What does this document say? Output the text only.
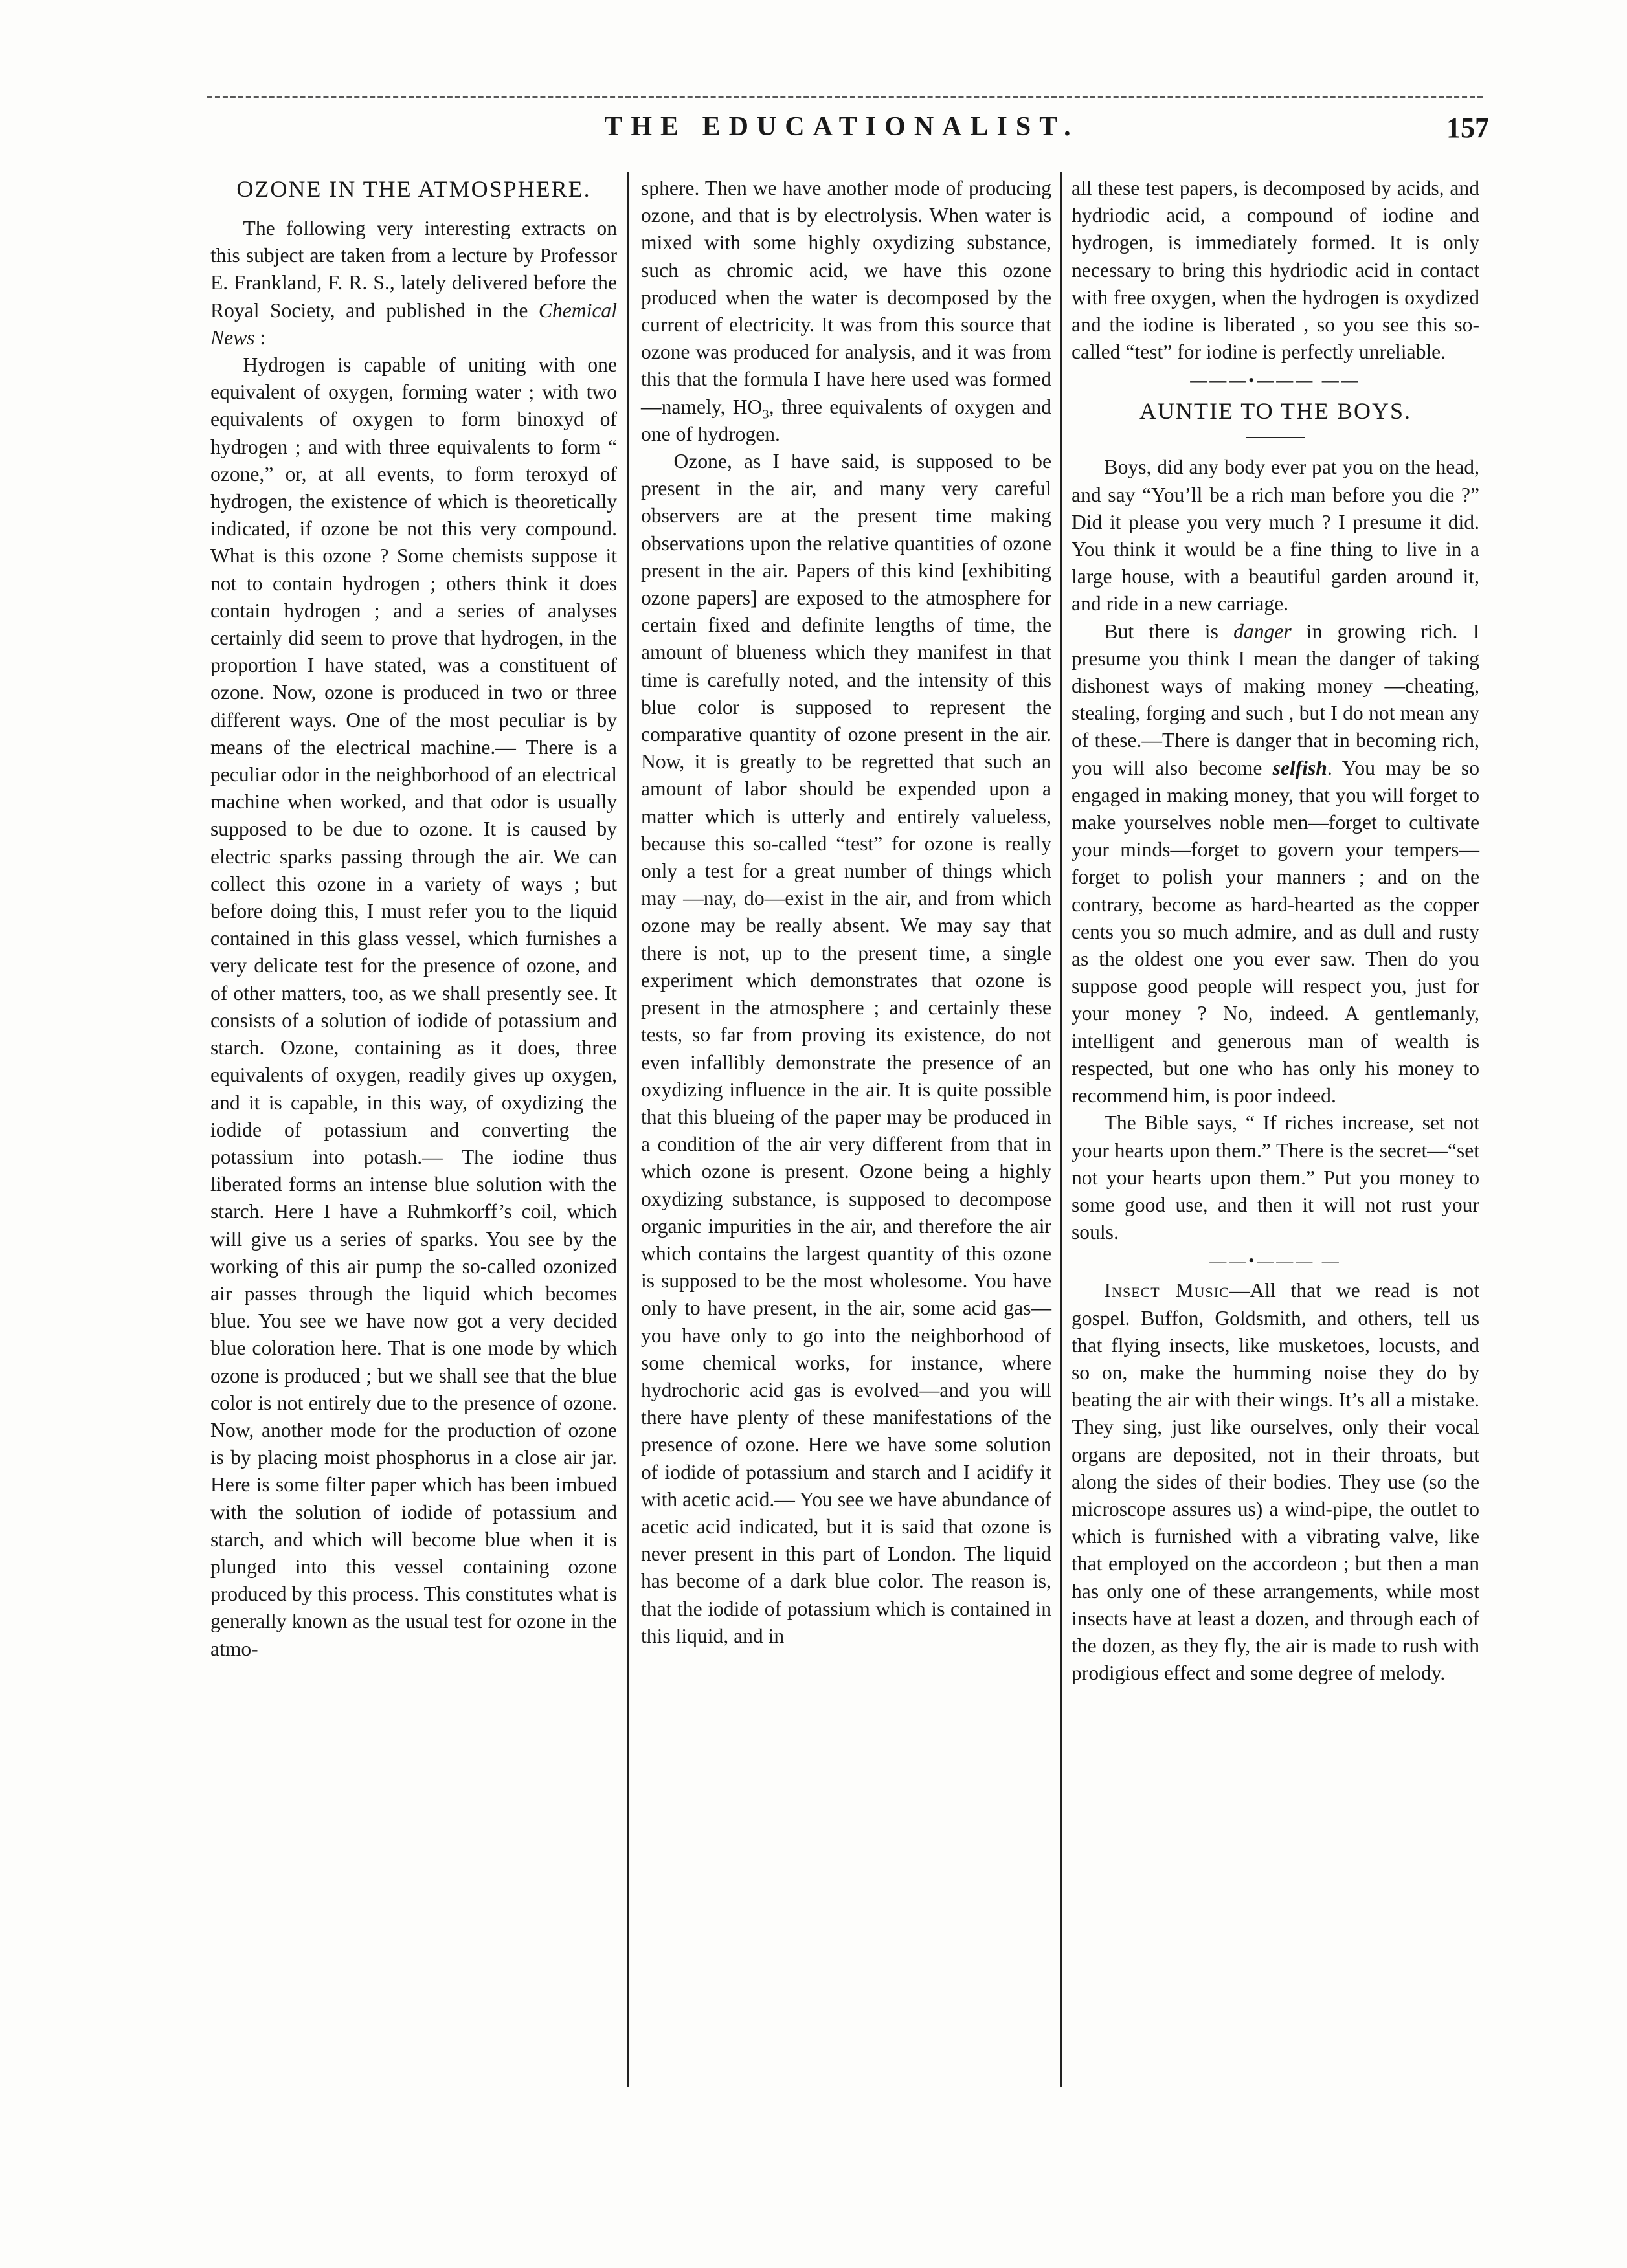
THE EDUCATIONALIST.	157
OZONE IN THE ATMOSPHERE.

The following very interesting extracts on this subject are taken from a lecture by Professor E. Frankland, F. R. S., lately delivered before the Royal Society, and published in the Chemical News :

Hydrogen is capable of uniting with one equivalent of oxygen, forming water ; with two equivalents of oxygen to form binoxyd of hydrogen ; and with three equivalents to form “ ozone,” or, at all events, to form teroxyd of hydrogen, the existence of which is theoretically indicated, if ozone be not this very compound. What is this ozone ? Some chemists suppose it not to contain hydrogen ; others think it does contain hydrogen ; and a series of analyses certainly did seem to prove that hydrogen, in the proportion I have stated, was a constituent of ozone. Now, ozone is produced in two or three different ways. One of the most peculiar is by means of the electrical machine.— There is a peculiar odor in the neighborhood of an electrical machine when worked, and that odor is usually supposed to be due to ozone. It is caused by electric sparks passing through the air. We can collect this ozone in a variety of ways ; but before doing this, I must refer you to the liquid contained in this glass vessel, which furnishes a very delicate test for the presence of ozone, and of other matters, too, as we shall presently see. It consists of a solution of iodide of potassium and starch. Ozone, containing as it does, three equivalents of oxygen, readily gives up oxygen, and it is capable, in this way, of oxydizing the iodide of potassium and converting the potassium into potash.— The iodine thus liberated forms an intense blue solution with the starch. Here I have a Ruhmkorff’s coil, which will give us a series of sparks. You see by the working of this air pump the so-called ozonized air passes through the liquid which becomes blue. You see we have now got a very decided blue coloration here. That is one mode by which ozone is produced ; but we shall see that the blue color is not entirely due to the presence of ozone. Now, another mode for the production of ozone is by placing moist phosphorus in a close air jar. Here is some filter paper which has been imbued with the solution of iodide of potassium and starch, and which will become blue when it is plunged into this vessel containing ozone produced by this process. This constitutes what is generally known as the usual test for ozone in the atmo-

sphere. Then we have another mode of producing ozone, and that is by electrolysis. When water is mixed with some highly oxydizing substance, such as chromic acid, we have this ozone produced when the water is decomposed by the current of electricity. It was from this source that ozone was produced for analysis, and it was from this that the formula I have here used was formed—namely, $HO_3$, three equivalents of oxygen and one of hydrogen.

Ozone, as I have said, is supposed to be present in the air, and many very careful observers are at the present time making observations upon the relative quantities of ozone present in the air. Papers of this kind [exhibiting ozone papers] are exposed to the atmosphere for certain fixed and definite lengths of time, the amount of blueness which they manifest in that time is carefully noted, and the intensity of this blue color is supposed to represent the comparative quantity of ozone present in the air. Now, it is greatly to be regretted that such an amount of labor should be expended upon a matter which is utterly and entirely valueless, because this so-called “test” for ozone is really only a test for a great number of things which may —nay, do—exist in the air, and from which ozone may be really absent. We may say that there is not, up to the present time, a single experiment which demonstrates that ozone is present in the atmosphere ; and certainly these tests, so far from proving its existence, do not even infallibly demonstrate the presence of an oxydizing influence in the air. It is quite possible that this blueing of the paper may be produced in a condition of the air very different from that in which ozone is present. Ozone being a highly oxydizing substance, is supposed to decompose organic impurities in the air, and therefore the air which contains the largest quantity of this ozone is supposed to be the most wholesome. You have only to have present, in the air, some acid gas—you have only to go into the neighborhood of some chemical works, for instance, where hydrochoric acid gas is evolved—and you will there have plenty of these manifestations of the presence of ozone. Here we have some solution of iodide of potassium and starch and I acidify it with acetic acid.— You see we have abundance of acetic acid indicated, but it is said that ozone is never present in this part of London. The liquid has become of a dark blue color. The reason is, that the iodide of potassium which is contained in this liquid, and in

all these test papers, is decomposed by acids, and hydriodic acid, a compound of iodine and hydrogen, is immediately formed. It is only necessary to bring this hydriodic acid in contact with free oxygen, when the hydrogen is oxydized and the iodine is liberated , so you see this so-called “test” for iodine is perfectly unreliable.

———•——— ——
AUNTIE TO THE BOYS.

Boys, did any body ever pat you on the head, and say “You’ll be a rich man before you die ?” Did it please you very much ? I presume it did. You think it would be a fine thing to live in a large house, with a beautiful garden around it, and ride in a new carriage.

But there is danger in growing rich. I presume you think I mean the danger of taking dishonest ways of making money —cheating, stealing, forging and such , but I do not mean any of these.—There is danger that in becoming rich, you will also become selfish. You may be so engaged in making money, that you will forget to make yourselves noble men—forget to cultivate your minds—forget to govern your tempers—forget to polish your manners ; and on the contrary, become as hard-hearted as the copper cents you so much admire, and as dull and rusty as the oldest one you ever saw. Then do you suppose good people will respect you, just for your money ? No, indeed. A gentlemanly, intelligent and generous man of wealth is respected, but one who has only his money to recommend him, is poor indeed.

The Bible says, “ If riches increase, set not your hearts upon them.” There is the secret—“set not your hearts upon them.” Put you money to some good use, and then it will not rust your souls.

——•——— —

Insect Music—All that we read is not gospel. Buffon, Goldsmith, and others, tell us that flying insects, like musketoes, locusts, and so on, make the humming noise they do by beating the air with their wings. It’s all a mistake. They sing, just like ourselves, only their vocal organs are deposited, not in their throats, but along the sides of their bodies. They use (so the microscope assures us) a wind-pipe, the outlet to which is furnished with a vibrating valve, like that employed on the accordeon ; but then a man has only one of these arrangements, while most insects have at least a dozen, and through each of the dozen, as they fly, the air is made to rush with prodigious effect and some degree of melody.
